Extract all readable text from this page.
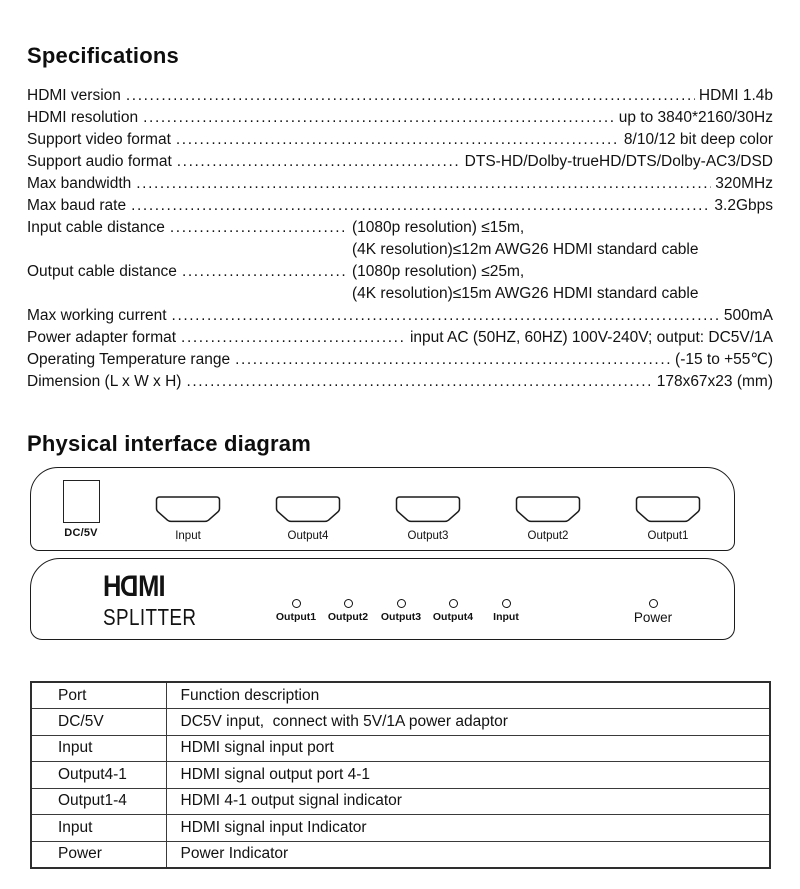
Specifications
HDMI version .....	HDMI 1.4b
HDMI resolution .....	up to 3840*2160/30Hz
Support video format .....	8/10/12 bit deep color
Support audio format .....	DTS-HD/Dolby-trueHD/DTS/Dolby-AC3/DSD
Max bandwidth .....	320MHz
Max baud rate .....	3.2Gbps
Input cable distance .....	(1080p resolution) ≤15m,
(4K resolution)≤12m AWG26 HDMI standard cable
Output cable distance .....	(1080p resolution) ≤25m,
(4K resolution)≤15m AWG26 HDMI standard cable
Max working current .....	500mA
Power adapter format .....	input AC (50HZ, 60HZ) 100V-240V; output: DC5V/1A
Operating Temperature range .....	(-15 to +55℃)
Dimension (L x W x H) .....	178x67x23 (mm)
Physical interface diagram
DC/5V	Input	Output4	Output3	Output2	Output1
HDMI
SPLITTER	Output1	Output2	Output3	Output4	Input	Power
Port	Function description
DC/5V	DC5V input,  connect with 5V/1A power adaptor
Input	HDMI signal input port
Output4-1	HDMI signal output port 4-1
Output1-4	HDMI 4-1 output signal indicator
Input	HDMI signal input Indicator
Power	Power Indicator
